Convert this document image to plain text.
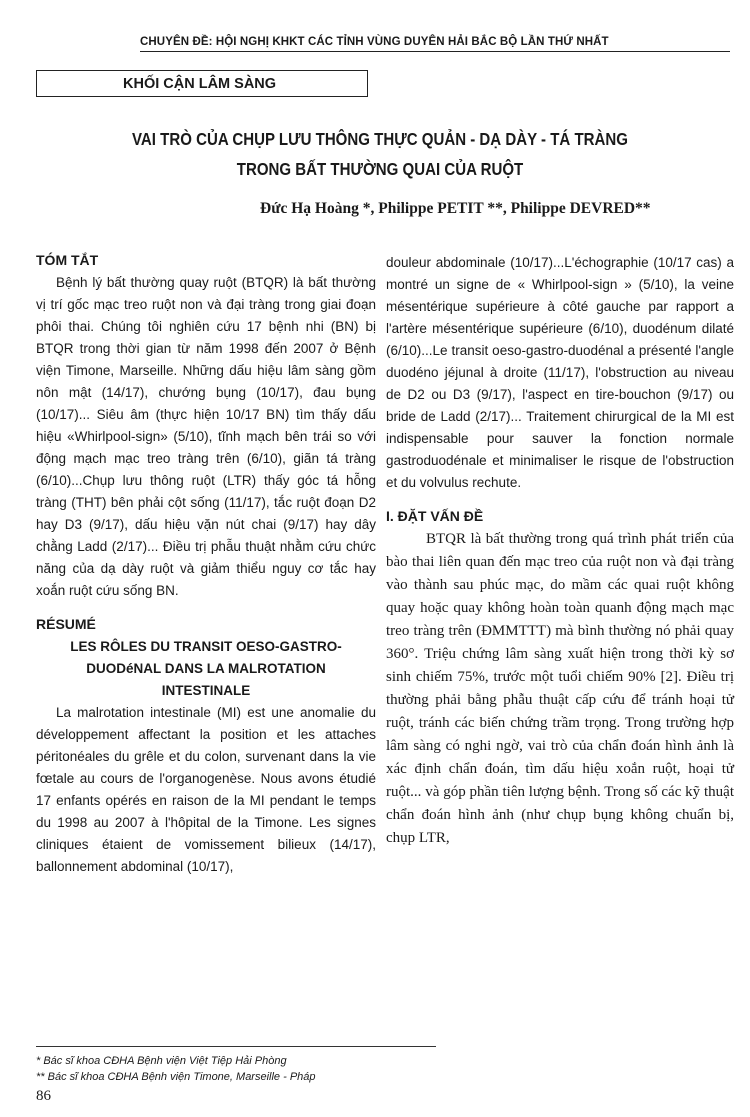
CHUYÊN ĐỀ: HỘI NGHỊ KHKT CÁC TỈNH VÙNG DUYÊN HẢI BẮC BỘ LẦN THỨ NHẤT
KHỐI CẬN LÂM SÀNG
VAI TRÒ CỦA CHỤP LƯU THÔNG THỰC QUẢN - DẠ DÀY - TÁ TRÀNG
TRONG BẤT THƯỜNG QUAI CỦA RUỘT
Đức Hạ Hoàng *, Philippe PETIT **, Philippe DEVRED**
TÓM TẮT

Bệnh lý bất thường quay ruột (BTQR) là bất thường vị trí gốc mạc treo ruột non và đại tràng trong giai đoạn phôi thai. Chúng tôi nghiên cứu 17 bệnh nhi (BN) bị BTQR trong thời gian từ năm 1998 đến 2007 ở Bệnh viện Timone, Marseille. Những dấu hiệu lâm sàng gồm nôn mật (14/17), chướng bụng (10/17), đau bụng (10/17)... Siêu âm (thực hiện 10/17 BN) tìm thấy dấu hiệu «Whirlpool-sign» (5/10), tĩnh mạch bên trái so với động mạch mạc treo tràng trên (6/10), giãn tá tràng (6/10)...Chụp lưu thông ruột (LTR) thấy góc tá hỗng tràng (THT) bên phải cột sống (11/17), tắc ruột đoạn D2 hay D3 (9/17), dấu hiệu vặn nút chai (9/17) hay dây chằng Ladd (2/17)... Điều trị phẫu thuật nhằm cứu chức năng của dạ dày ruột và giảm thiểu nguy cơ tắc hay xoắn ruột cứu sống BN.

RÉSUMÉ
LES RÔLES DU TRANSIT OESO-GASTRO-
DUODéNAL DANS LA MALROTATION
INTESTINALE

La malrotation intestinale (MI) est une anomalie du développement affectant la position et les attaches péritonéales du grêle et du colon, survenant dans la vie fœtale au cours de l'organogenèse. Nous avons étudié 17 enfants opérés en raison de la MI pendant le temps du 1998 au 2007 à l'hôpital de la Timone. Les signes cliniques étaient de vomissement bilieux (14/17), ballonnement abdominal (10/17),

douleur abdominale (10/17)...L'échographie (10/17 cas) a montré un signe de « Whirlpool-sign » (5/10), la veine mésentérique supérieure à côté gauche par rapport a l'artère mésentérique supérieure (6/10), duodénum dilaté (6/10)...Le transit oeso-gastro-duodénal a présenté l'angle duodéno jéjunal à droite (11/17), l'obstruction au niveau de D2 ou D3 (9/17), l'aspect en tire-bouchon (9/17) ou bride de Ladd (2/17)... Traitement chirurgical de la MI est indispensable pour sauver la fonction normale gastroduodénale et minimaliser le risque de l'obstruction et du volvulus rechute.

I. ĐẶT VẤN ĐỀ

BTQR là bất thường trong quá trình phát triển của bào thai liên quan đến mạc treo của ruột non và đại tràng vào thành sau phúc mạc, do mầm các quai ruột không quay hoặc quay không hoàn toàn quanh động mạch mạc treo tràng trên (ĐMMTTT) mà bình thường nó phải quay 360°. Triệu chứng lâm sàng xuất hiện trong thời kỳ sơ sinh chiếm 75%, trước một tuổi chiếm 90% [2]. Điều trị thường phải bằng phẫu thuật cấp cứu để tránh hoại tử ruột, tránh các biến chứng trầm trọng. Trong trường hợp lâm sàng có nghi ngờ, vai trò của chẩn đoán hình ảnh là xác định chẩn đoán, tìm dấu hiệu xoắn ruột, hoại tử ruột... và góp phần tiên lượng bệnh. Trong số các kỹ thuật chẩn đoán hình ảnh (như chụp bụng không chuẩn bị, chụp LTR,

* Bác sĩ khoa CĐHA Bệnh viện Việt Tiệp Hải Phòng
** Bác sĩ khoa CĐHA Bệnh viện Timone, Marseille - Pháp
86
